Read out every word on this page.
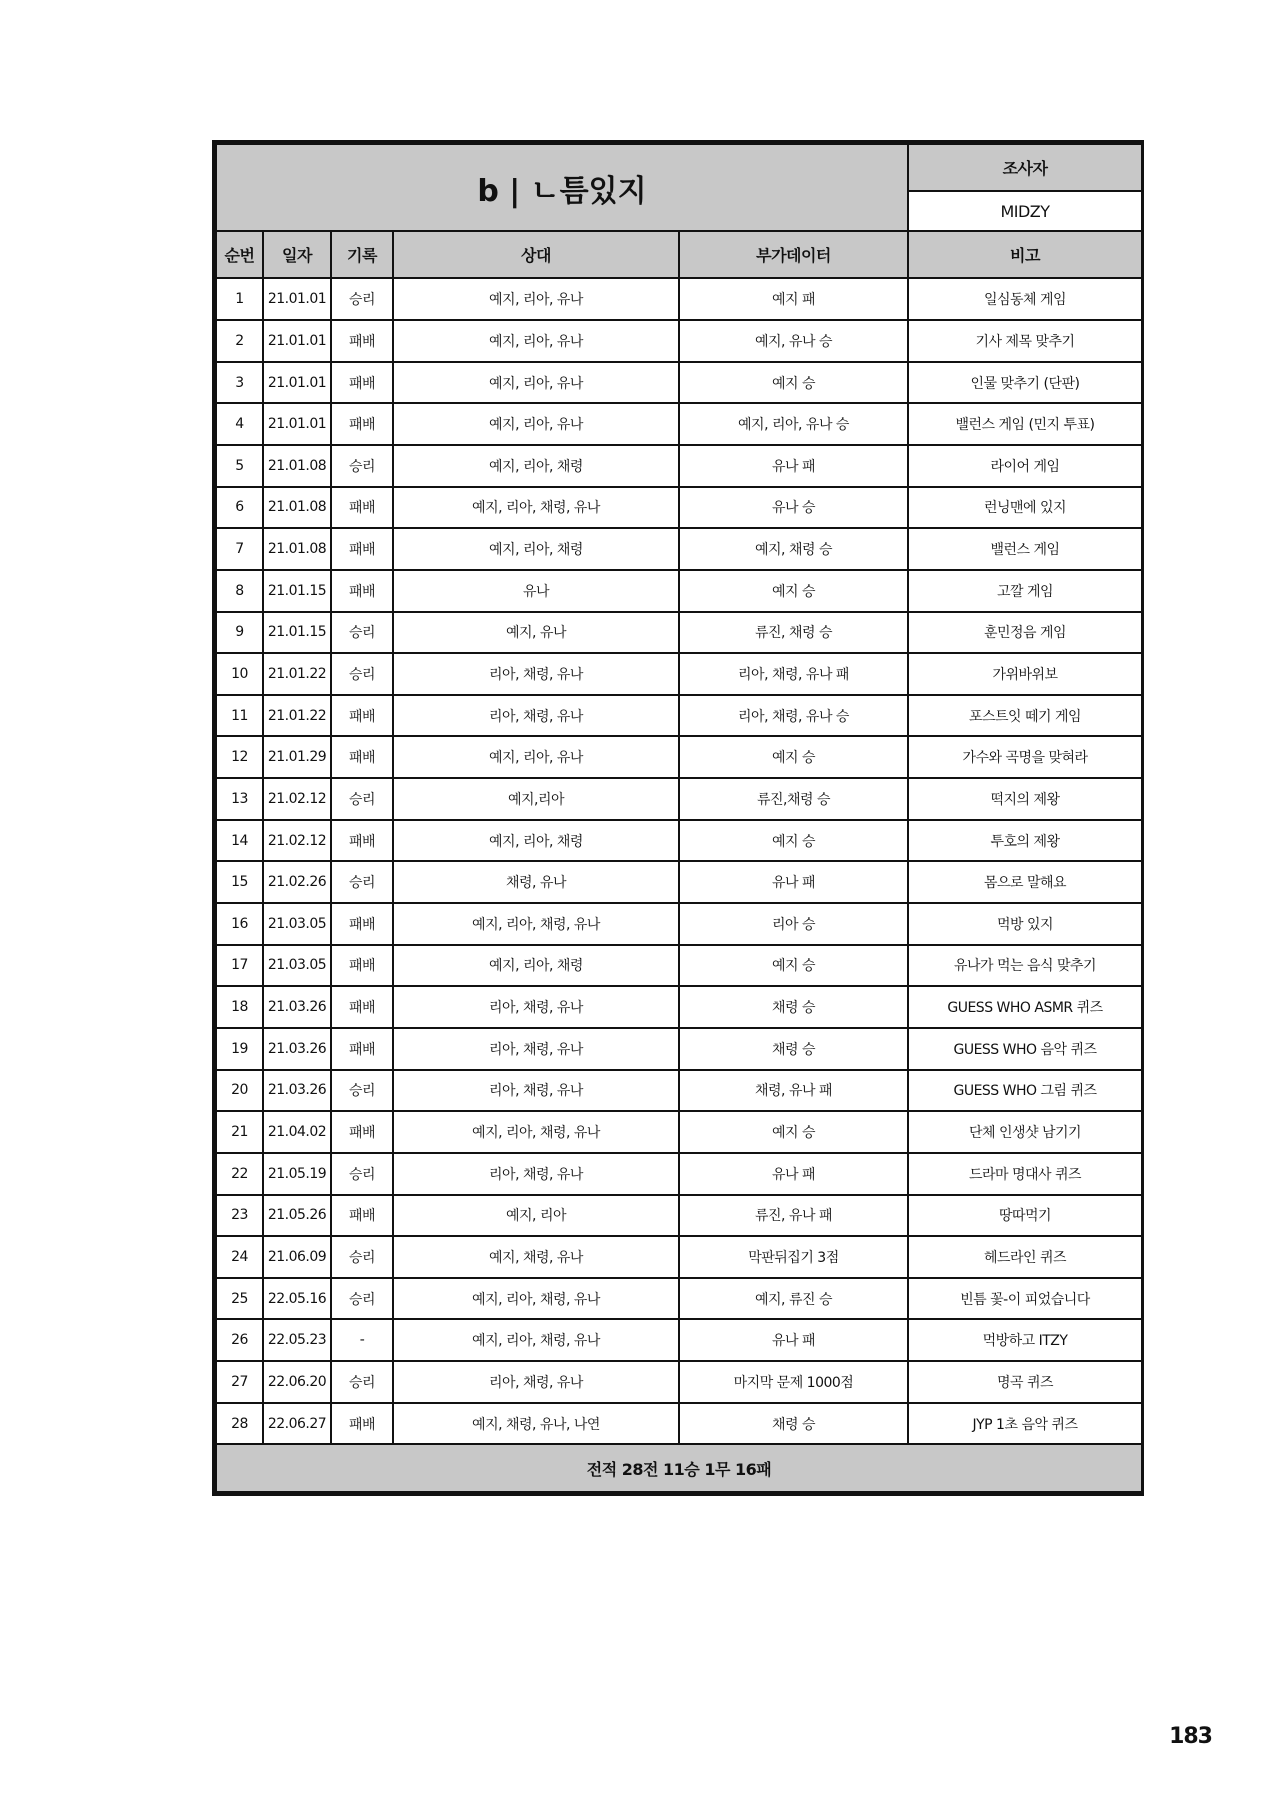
b | ㄴ틈있지					조사자
					MIDZY
순번	일자	기록	상대	부가데이터	비고
1	21.01.01	승리	예지, 리아, 유나	예지 패	일심동체 게임
2	21.01.01	패배	예지, 리아, 유나	예지, 유나 승	기사 제목 맞추기
3	21.01.01	패배	예지, 리아, 유나	예지 승	인물 맞추기 (단판)
4	21.01.01	패배	예지, 리아, 유나	예지, 리아, 유나 승	밸런스 게임 (민지 투표)
5	21.01.08	승리	예지, 리아, 채령	유나 패	라이어 게임
6	21.01.08	패배	예지, 리아, 채령, 유나	유나 승	런닝맨에 있지
7	21.01.08	패배	예지, 리아, 채령	예지, 채령 승	밸런스 게임
8	21.01.15	패배	유나	예지 승	고깔 게임
9	21.01.15	승리	예지, 유나	류진, 채령 승	훈민정음 게임
10	21.01.22	승리	리아, 채령, 유나	리아, 채령, 유나 패	가위바위보
11	21.01.22	패배	리아, 채령, 유나	리아, 채령, 유나 승	포스트잇 떼기 게임
12	21.01.29	패배	예지, 리아, 유나	예지 승	가수와 곡명을 맞혀라
13	21.02.12	승리	예지,리아	류진,채령 승	떡지의 제왕
14	21.02.12	패배	예지, 리아, 채령	예지 승	투호의 제왕
15	21.02.26	승리	채령, 유나	유나 패	몸으로 말해요
16	21.03.05	패배	예지, 리아, 채령, 유나	리아 승	먹방 있지
17	21.03.05	패배	예지, 리아, 채령	예지 승	유나가 먹는 음식 맞추기
18	21.03.26	패배	리아, 채령, 유나	채령 승	GUESS WHO ASMR 퀴즈
19	21.03.26	패배	리아, 채령, 유나	채령 승	GUESS WHO 음악 퀴즈
20	21.03.26	승리	리아, 채령, 유나	채령, 유나 패	GUESS WHO 그림 퀴즈
21	21.04.02	패배	예지, 리아, 채령, 유나	예지 승	단체 인생샷 남기기
22	21.05.19	승리	리아, 채령, 유나	유나 패	드라마 명대사 퀴즈
23	21.05.26	패배	예지, 리아	류진, 유나 패	땅따먹기
24	21.06.09	승리	예지, 채령, 유나	막판뒤집기 3점	헤드라인 퀴즈
25	22.05.16	승리	예지, 리아, 채령, 유나	예지, 류진 승	빈틈 꽃-이 피었습니다
26	22.05.23	-	예지, 리아, 채령, 유나	유나 패	먹방하고 ITZY
27	22.06.20	승리	리아, 채령, 유나	마지막 문제 1000점	명곡 퀴즈
28	22.06.27	패배	예지, 채령, 유나, 나연	채령 승	JYP 1초 음악 퀴즈
전적 28전 11승 1무 16패					
183
